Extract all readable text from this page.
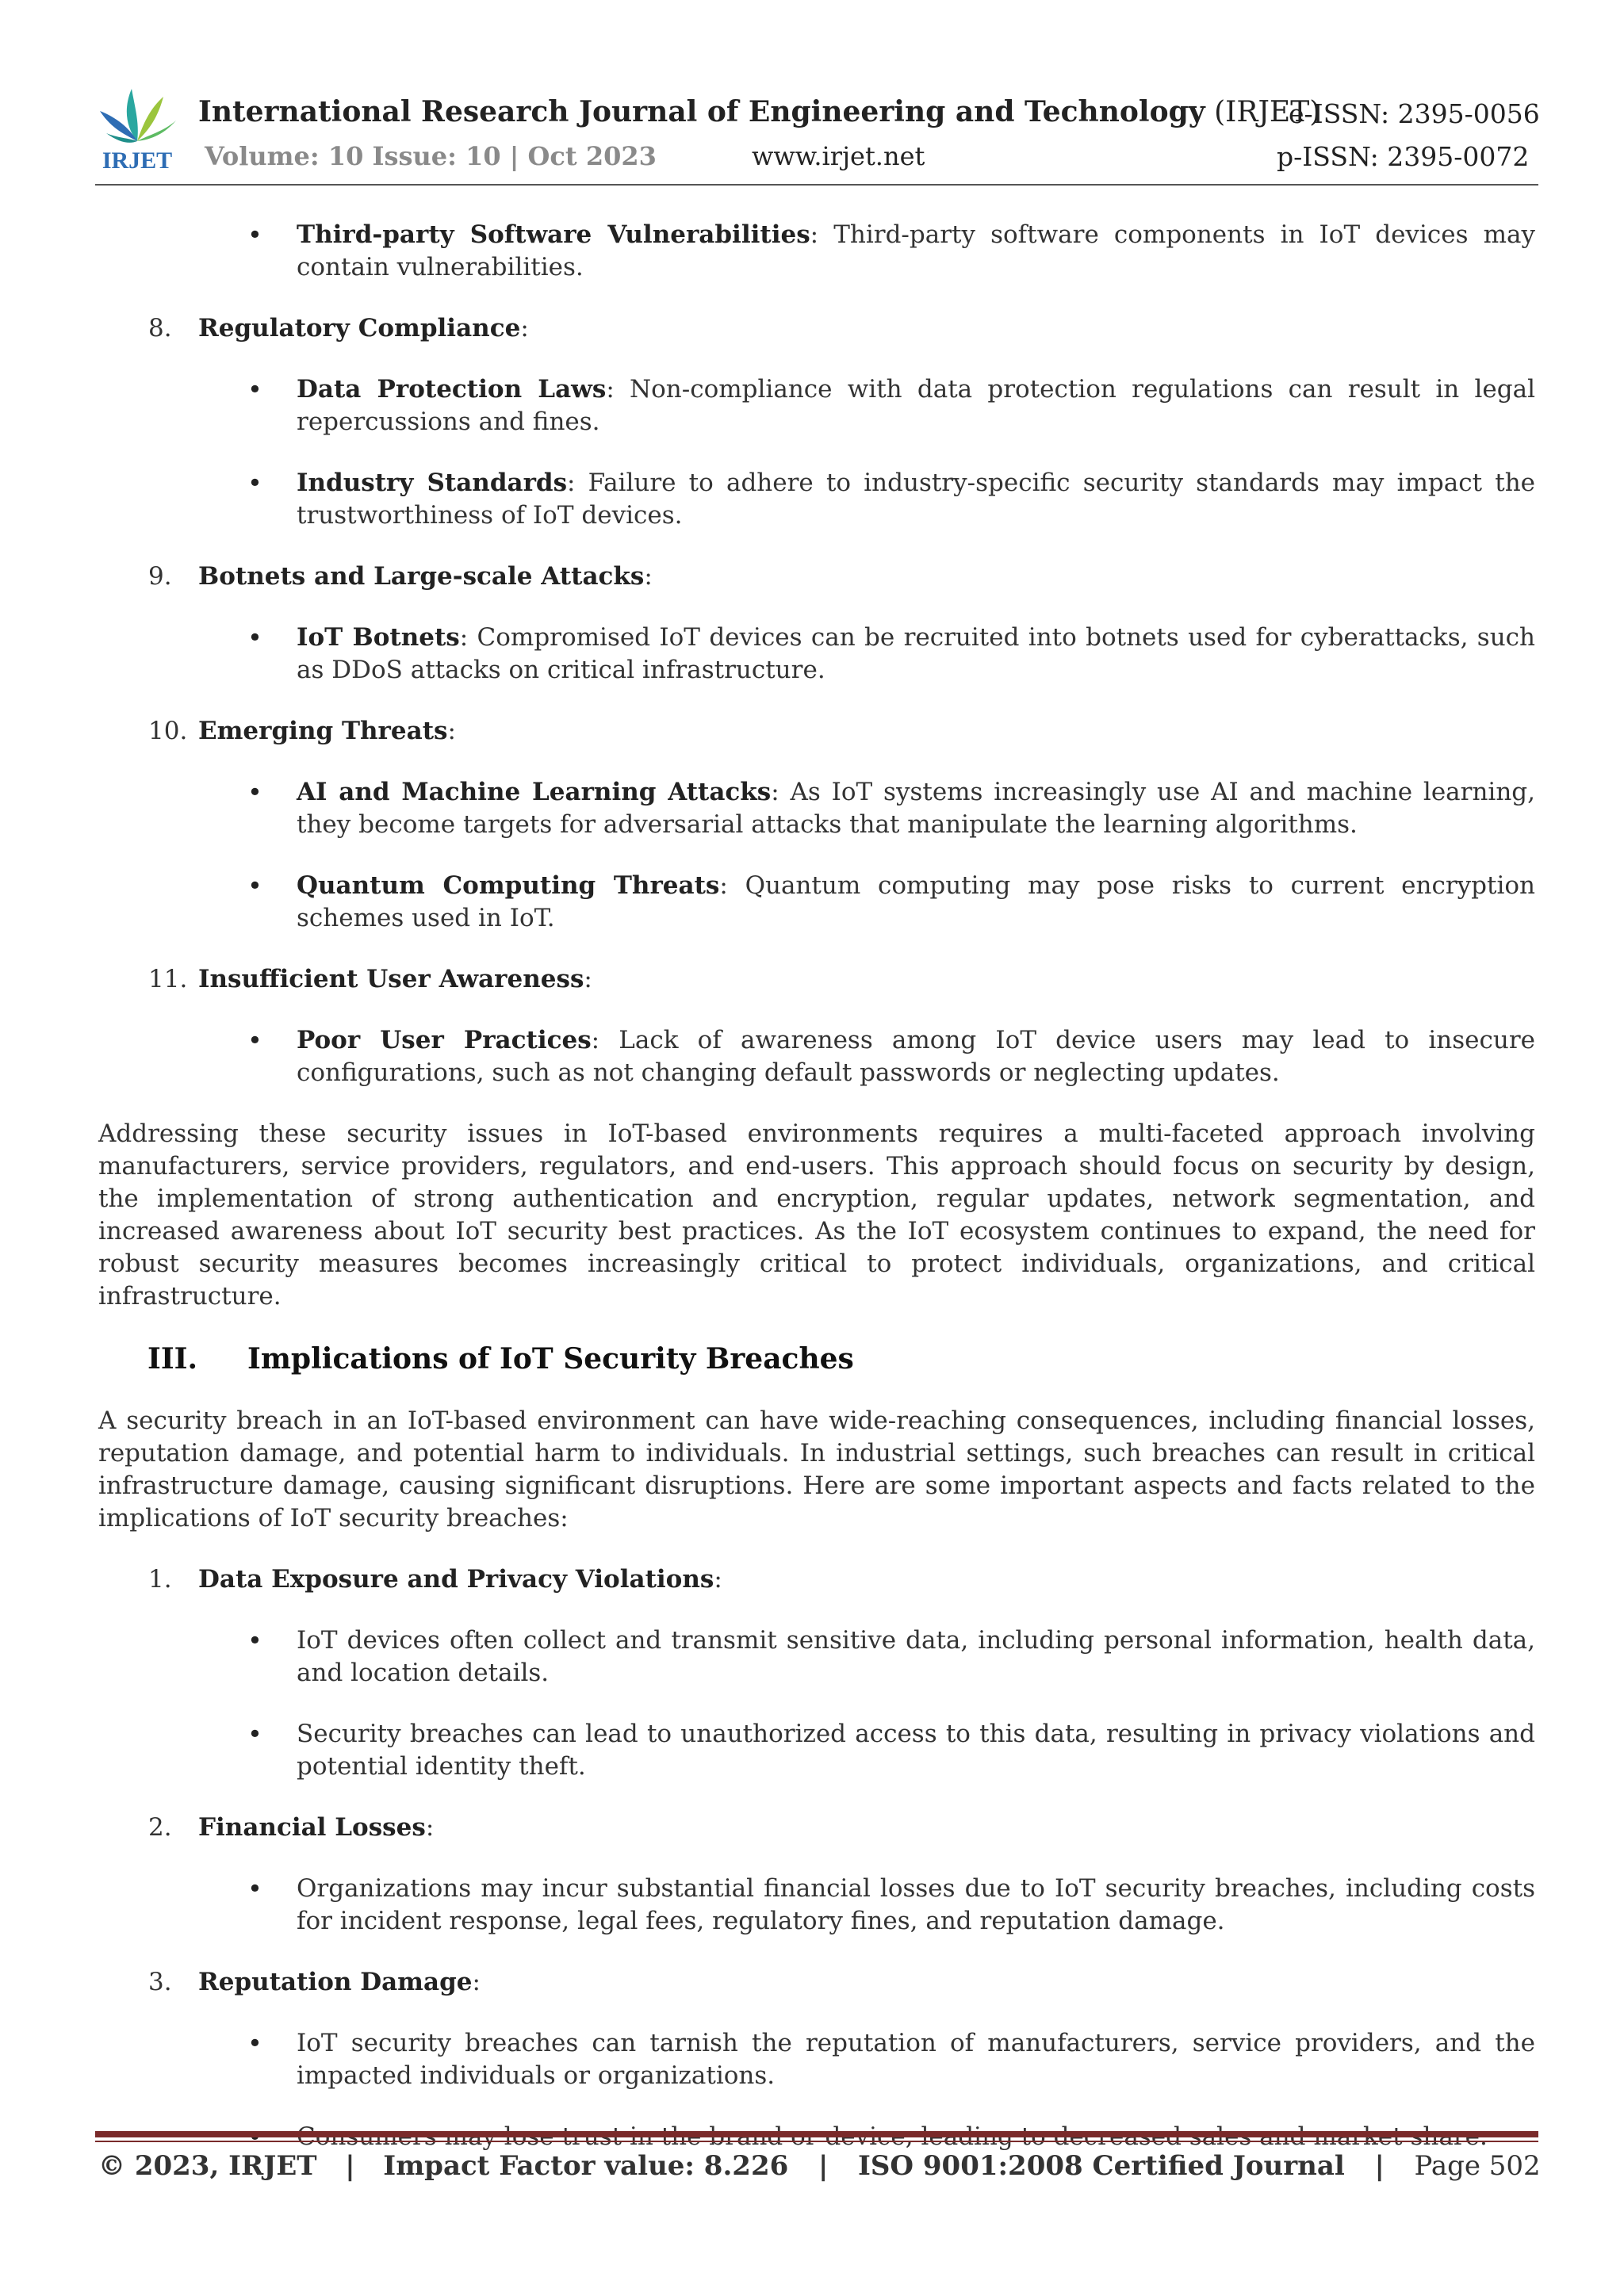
IRJET
International Research Journal of Engineering and Technology (IRJET)
Volume: 10 Issue: 10 | Oct 2023	www.irjet.net
e-ISSN: 2395-0056
p-ISSN: 2395-0072
• Third-party Software Vulnerabilities: Third-party software components in IoT devices may contain vulnerabilities.
8.	Regulatory Compliance:
• Data Protection Laws: Non-compliance with data protection regulations can result in legal repercussions and fines.
• Industry Standards: Failure to adhere to industry-specific security standards may impact the trustworthiness of IoT devices.
9.	Botnets and Large-scale Attacks:
• IoT Botnets: Compromised IoT devices can be recruited into botnets used for cyberattacks, such as DDoS attacks on critical infrastructure.
10. Emerging Threats:
• AI and Machine Learning Attacks: As IoT systems increasingly use AI and machine learning, they become targets for adversarial attacks that manipulate the learning algorithms.
• Quantum Computing Threats: Quantum computing may pose risks to current encryption schemes used in IoT.
11. Insufficient User Awareness:
• Poor User Practices: Lack of awareness among IoT device users may lead to insecure configurations, such as not changing default passwords or neglecting updates.
Addressing these security issues in IoT-based environments requires a multi-faceted approach involving manufacturers, service providers, regulators, and end-users. This approach should focus on security by design, the implementation of strong authentication and encryption, regular updates, network segmentation, and increased awareness about IoT security best practices. As the IoT ecosystem continues to expand, the need for robust security measures becomes increasingly critical to protect individuals, organizations, and critical infrastructure.
III. Implications of IoT Security Breaches
A security breach in an IoT-based environment can have wide-reaching consequences, including financial losses, reputation damage, and potential harm to individuals. In industrial settings, such breaches can result in critical infrastructure damage, causing significant disruptions. Here are some important aspects and facts related to the implications of IoT security breaches:
1.	Data Exposure and Privacy Violations:
• IoT devices often collect and transmit sensitive data, including personal information, health data, and location details.
• Security breaches can lead to unauthorized access to this data, resulting in privacy violations and potential identity theft.
2.	Financial Losses:
• Organizations may incur substantial financial losses due to IoT security breaches, including costs for incident response, legal fees, regulatory fines, and reputation damage.
3.	Reputation Damage:
• IoT security breaches can tarnish the reputation of manufacturers, service providers, and the impacted individuals or organizations.
•
© 2023, IRJET | Impact Factor value: 8.226 | ISO 9001:2008 Certified Journal | Page 502
